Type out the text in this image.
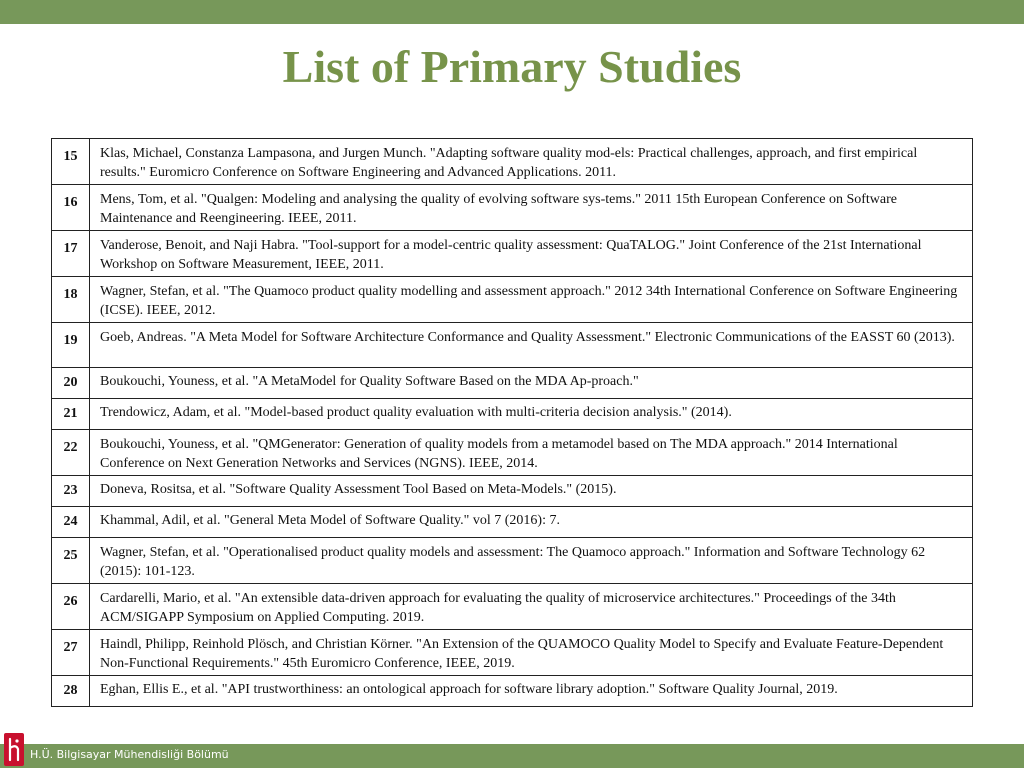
List of Primary Studies
15	Klas, Michael, Constanza Lampasona, and Jurgen Munch. "Adapting software quality mod-els: Practical challenges, approach, and first empirical results." Euromicro Conference on Software Engineering and Advanced Applications. 2011.
16	Mens, Tom, et al. "Qualgen: Modeling and analysing the quality of evolving software sys-tems." 2011 15th European Conference on Software Maintenance and Reengineering. IEEE, 2011.
17	Vanderose, Benoit, and Naji Habra. "Tool-support for a model-centric quality assessment: QuaTALOG." Joint Conference of the 21st International Workshop on Software Measurement, IEEE, 2011.
18	Wagner, Stefan, et al. "The Quamoco product quality modelling and assessment approach." 2012 34th International Conference on Software Engineering (ICSE). IEEE, 2012.
19	Goeb, Andreas. "A Meta Model for Software Architecture Conformance and Quality Assessment." Electronic Communications of the EASST 60 (2013).
20	Boukouchi, Youness, et al. "A MetaModel for Quality Software Based on the MDA Ap-proach."
21	Trendowicz, Adam, et al. "Model-based product quality evaluation with multi-criteria decision analysis." (2014).
22	Boukouchi, Youness, et al. "QMGenerator: Generation of quality models from a metamodel based on The MDA approach." 2014 International Conference on Next Generation Networks and Services (NGNS). IEEE, 2014.
23	Doneva, Rositsa, et al. "Software Quality Assessment Tool Based on Meta-Models." (2015).
24	Khammal, Adil, et al. "General Meta Model of Software Quality." vol 7 (2016): 7.
25	Wagner, Stefan, et al. "Operationalised product quality models and assessment: The Quamoco approach." Information and Software Technology 62 (2015): 101-123.
26	Cardarelli, Mario, et al. "An extensible data-driven approach for evaluating the quality of microservice architectures." Proceedings of the 34th ACM/SIGAPP Symposium on Applied Computing. 2019.
27	Haindl, Philipp, Reinhold Plösch, and Christian Körner. "An Extension of the QUAMOCO Quality Model to Specify and Evaluate Feature-Dependent Non-Functional Requirements." 45th Euromicro Conference, IEEE, 2019.
28	Eghan, Ellis E., et al. "API trustworthiness: an ontological approach for software library adoption." Software Quality Journal, 2019.
H.Ü. Bilgisayar Mühendisliği Bölümü
